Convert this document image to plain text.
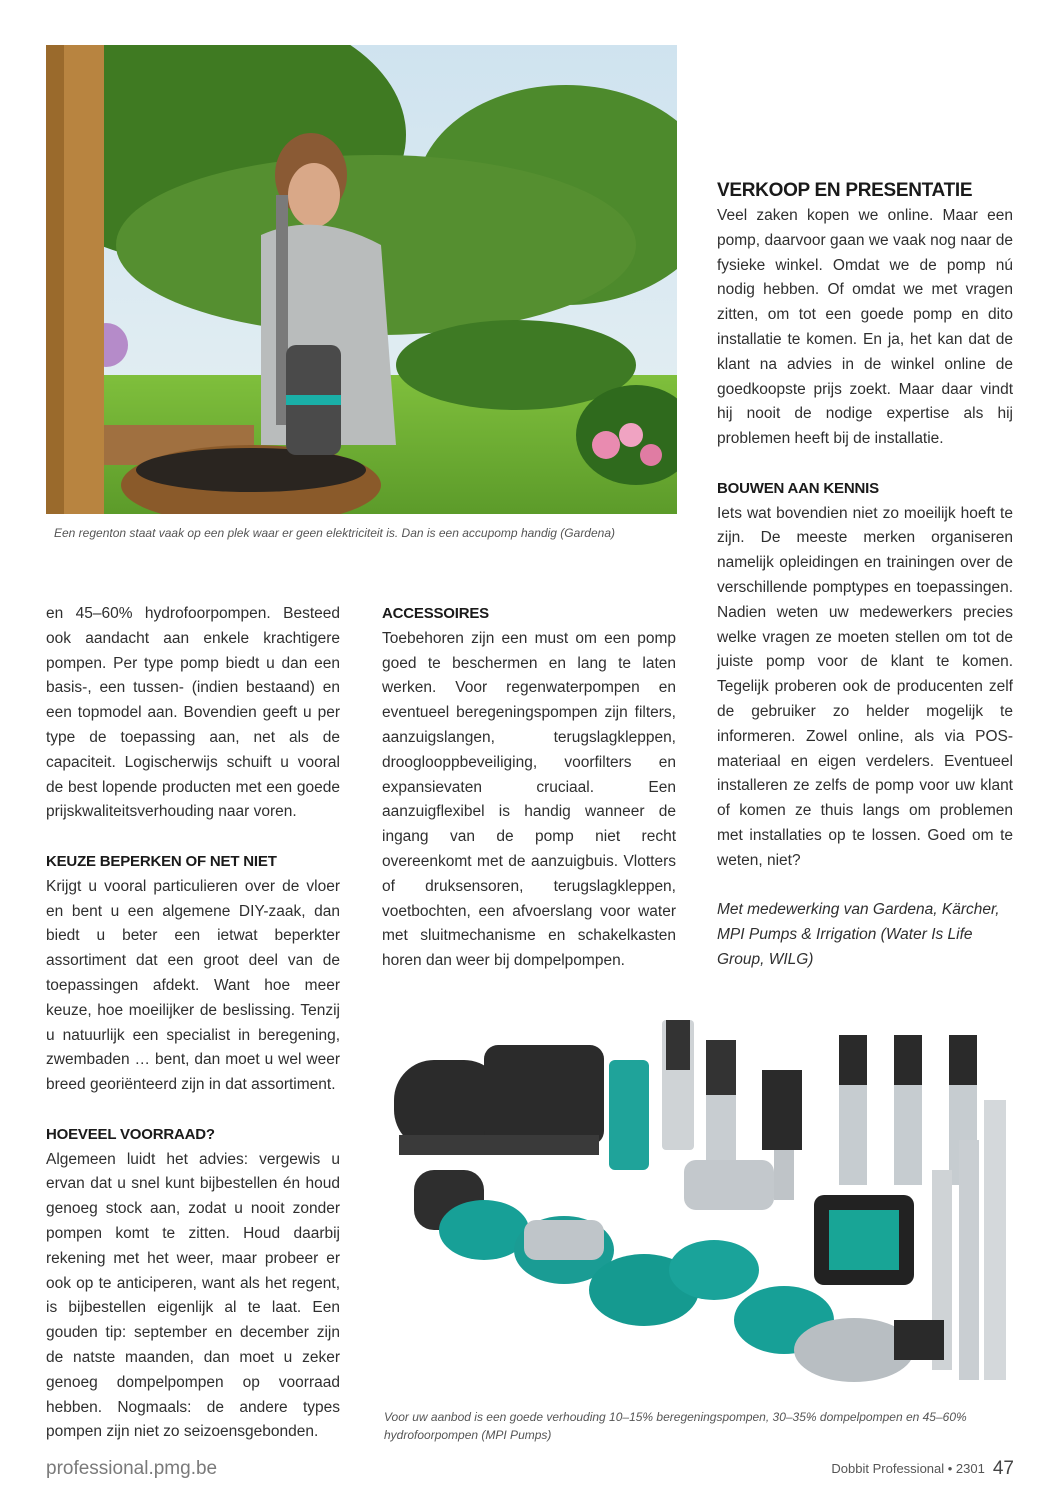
Een regenton staat vaak op een plek waar er geen elektriciteit is. Dan is een accupomp handig (Gardena)

en 45–60% hydrofoorpompen. Besteed ook aandacht aan enkele krachtigere pompen. Per type pomp biedt u dan een basis-, een tussen- (indien bestaand) en een topmodel aan. Bovendien geeft u per type de toepassing aan, net als de capaciteit. Logischerwijs schuift u vooral de best lopende producten met een goede prijskwaliteitsverhouding naar voren.

KEUZE BEPERKEN OF NET NIET

Krijgt u vooral particulieren over de vloer en bent u een algemene DIY-zaak, dan biedt u beter een ietwat beperkter assortiment dat een groot deel van de toepassingen afdekt. Want hoe meer keuze, hoe moeilijker de beslissing. Tenzij u natuurlijk een specialist in beregening, zwembaden … bent, dan moet u wel weer breed georiënteerd zijn in dat assortiment.

HOEVEEL VOORRAAD?

Algemeen luidt het advies: vergewis u ervan dat u snel kunt bijbestellen én houd genoeg stock aan, zodat u nooit zonder pompen komt te zitten. Houd daarbij rekening met het weer, maar probeer er ook op te anticiperen, want als het regent, is bijbestellen eigenlijk al te laat. Een gouden tip: september en december zijn de natste maanden, dan moet u zeker genoeg dompelpompen op voorraad hebben. Nogmaals: de andere types pompen zijn niet zo seizoensgebonden.

ACCESSOIRES

Toebehoren zijn een must om een pomp goed te beschermen en lang te laten werken. Voor regenwaterpompen en eventueel beregeningspompen zijn filters, aanzuigslangen, terugslagkleppen, drooglooppbeveiliging, voorfilters en expansievaten cruciaal. Een aanzuigflexibel is handig wanneer de ingang van de pomp niet recht overeenkomt met de aanzuigbuis. Vlotters of druksensoren, terugslagkleppen, voetbochten, een afvoerslang voor water met sluitmechanisme en schakelkasten horen dan weer bij dompelpompen.

VERKOOP EN PRESENTATIE

Veel zaken kopen we online. Maar een pomp, daarvoor gaan we vaak nog naar de fysieke winkel. Omdat we de pomp nú nodig hebben. Of omdat we met vragen zitten, om tot een goede pomp en dito installatie te komen. En ja, het kan dat de klant na advies in de winkel online de goedkoopste prijs zoekt. Maar daar vindt hij nooit de nodige expertise als hij problemen heeft bij de installatie.

BOUWEN AAN KENNIS

Iets wat bovendien niet zo moeilijk hoeft te zijn. De meeste merken organiseren namelijk opleidingen en trainingen over de verschillende pomptypes en toepassingen. Nadien weten uw medewerkers precies welke vragen ze moeten stellen om tot de juiste pomp voor de klant te komen. Tegelijk proberen ook de producenten zelf de gebruiker zo helder mogelijk te informeren. Zowel online, als via POS-materiaal en eigen verdelers. Eventueel installeren ze zelfs de pomp voor uw klant of komen ze thuis langs om problemen met installaties op te lossen. Goed om te weten, niet?

Met medewerking van Gardena, Kärcher, MPI Pumps & Irrigation (Water Is Life Group, WILG)

Voor uw aanbod is een goede verhouding 10–15% beregeningspompen, 30–35% dompelpompen en 45–60% hydrofoorpompen (MPI Pumps)
professional.pmg.be	Dobbit Professional • 2301 47
